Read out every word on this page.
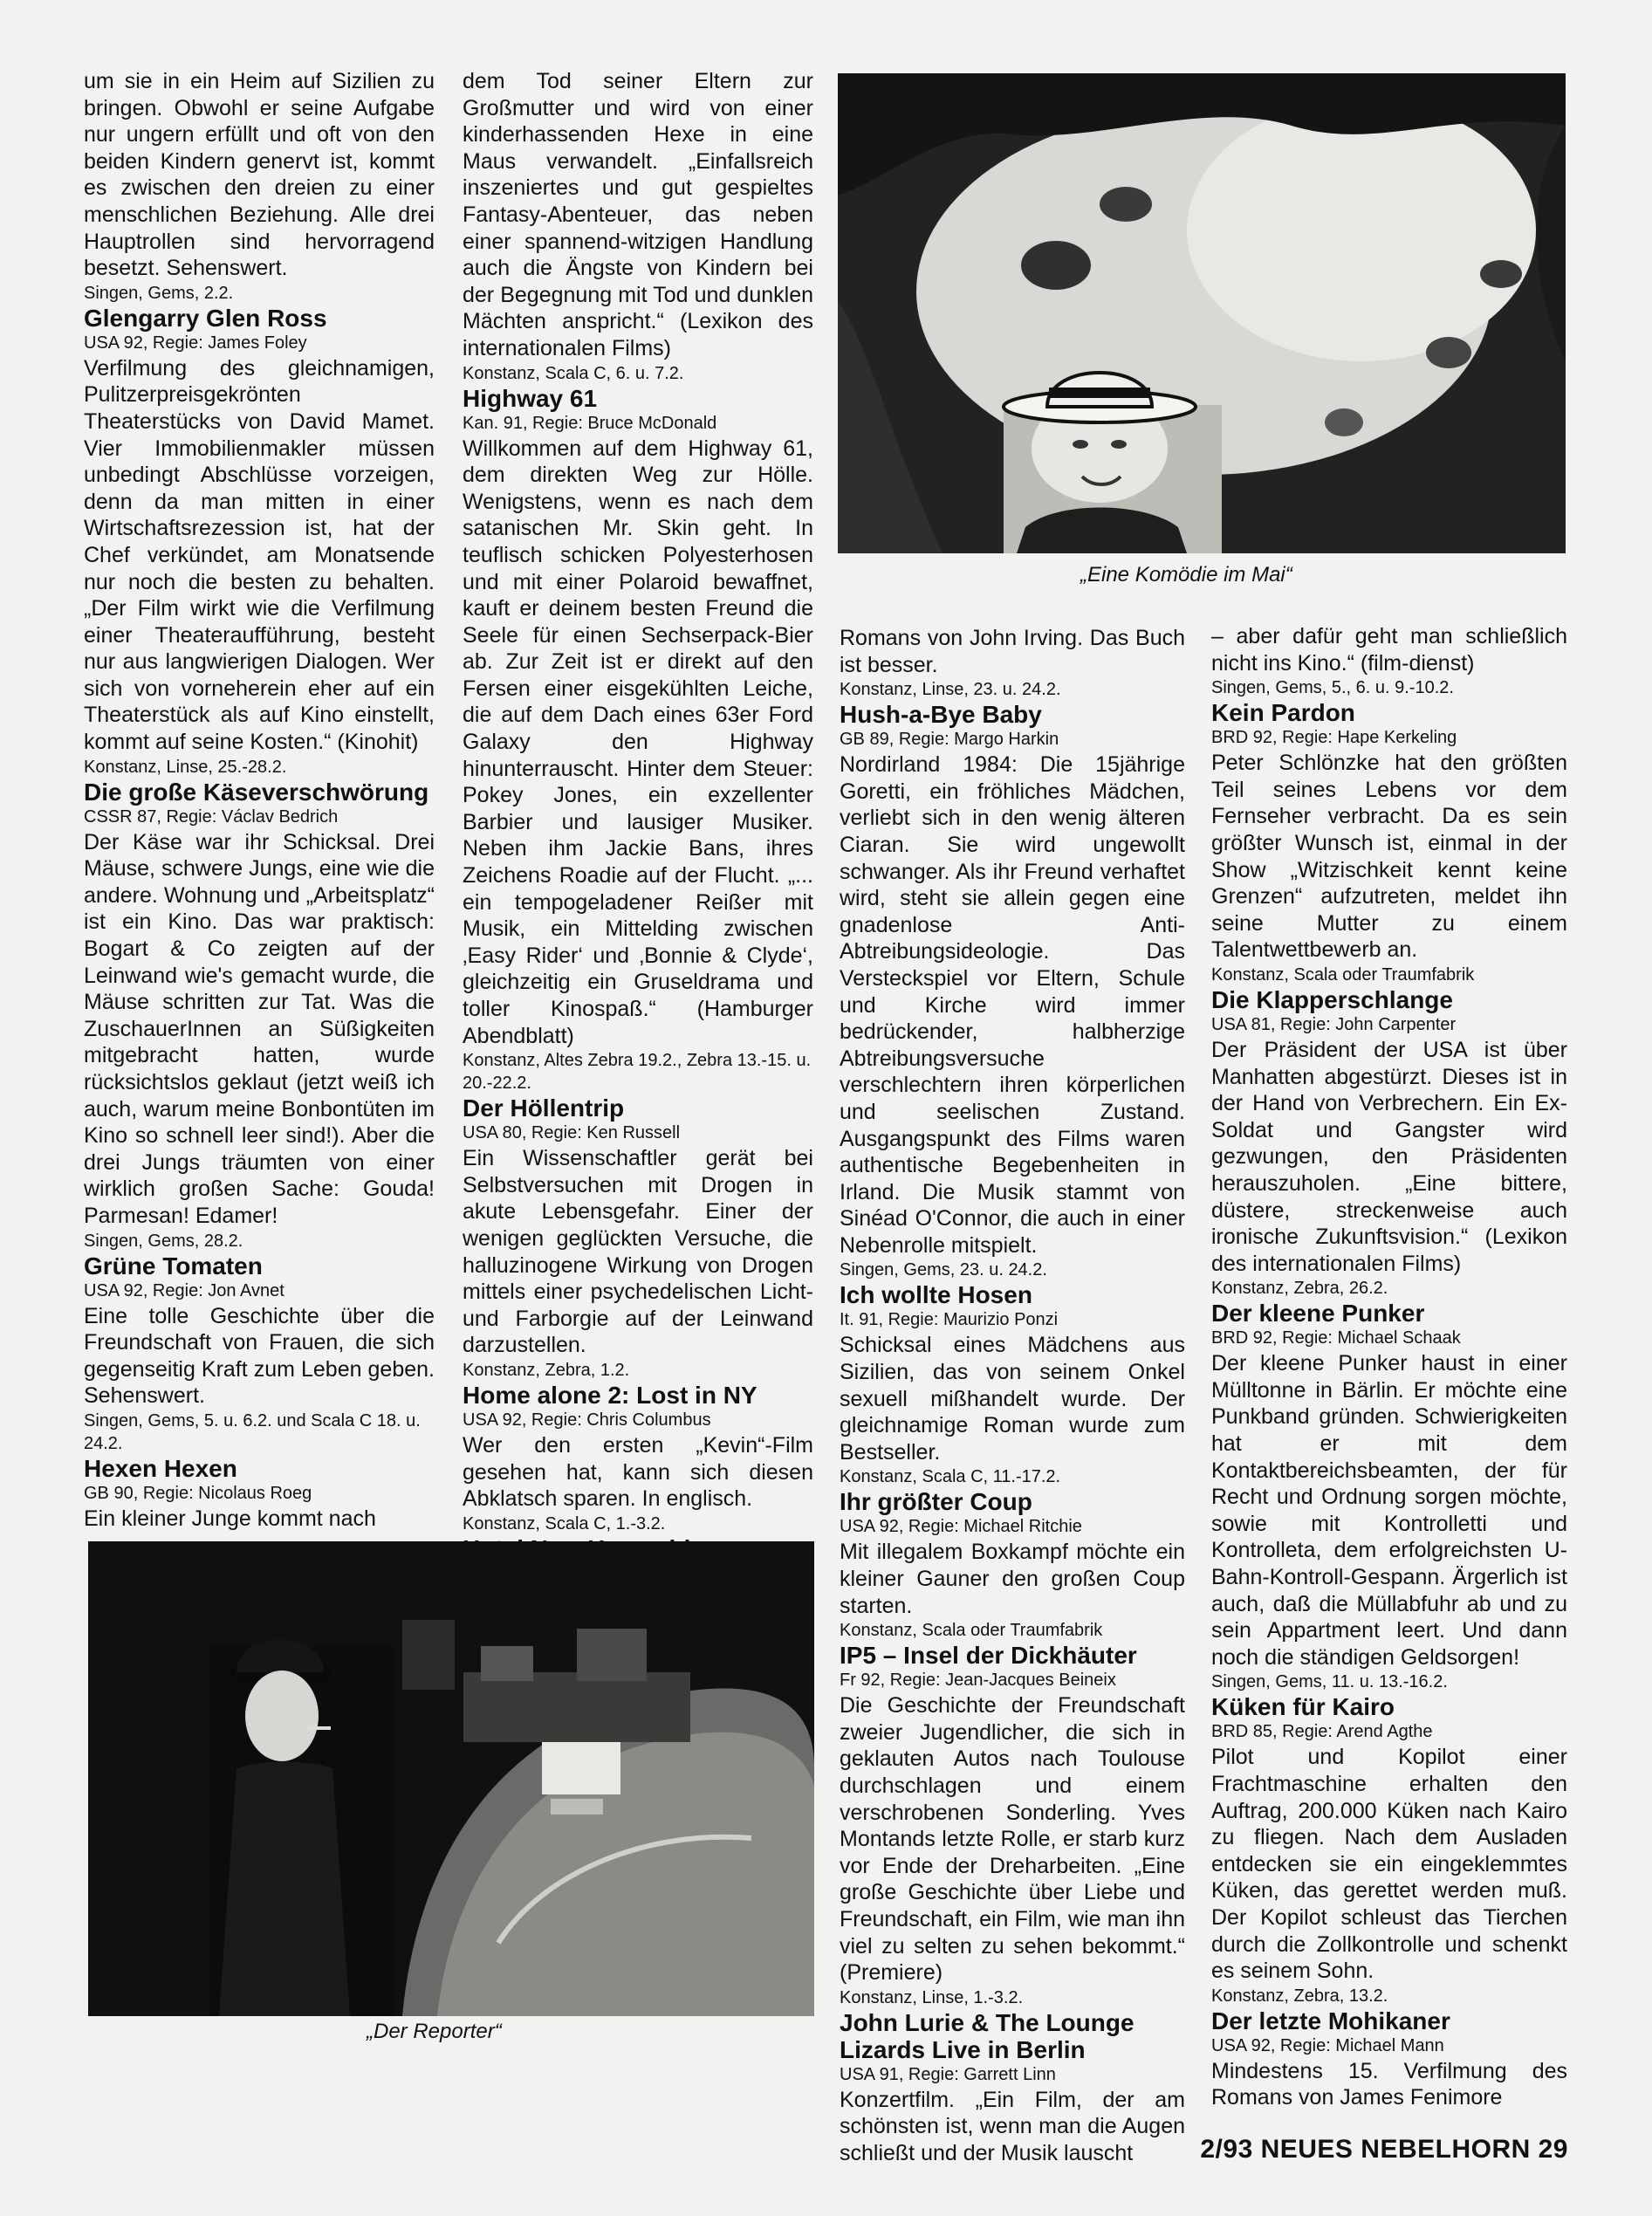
um sie in ein Heim auf Sizilien zu bringen. Obwohl er seine Aufgabe nur ungern erfüllt und oft von den beiden Kindern genervt ist, kommt es zwischen den dreien zu einer menschlichen Beziehung. Alle drei Hauptrollen sind hervorragend besetzt. Sehenswert.

Singen, Gems, 2.2.

Glengarry Glen Ross

USA 92, Regie: James Foley

Verfilmung des gleichnamigen, Pulitzerpreisgekrönten Theaterstücks von David Mamet. Vier Immobilienmakler müssen unbedingt Abschlüsse vorzeigen, denn da man mitten in einer Wirtschaftsrezession ist, hat der Chef verkündet, am Monatsende nur noch die besten zu behalten. „Der Film wirkt wie die Verfilmung einer Theateraufführung, besteht nur aus langwierigen Dialogen. Wer sich von vorneherein eher auf ein Theaterstück als auf Kino einstellt, kommt auf seine Kosten.“ (Kinohit)

Konstanz, Linse, 25.-28.2.

Die große Käseverschwörung

CSSR 87, Regie: Václav Bedrich

Der Käse war ihr Schicksal. Drei Mäuse, schwere Jungs, eine wie die andere. Wohnung und „Arbeitsplatz“ ist ein Kino. Das war praktisch: Bogart & Co zeigten auf der Leinwand wie's gemacht wurde, die Mäuse schritten zur Tat. Was die ZuschauerInnen an Süßigkeiten mitgebracht hatten, wurde rücksichtslos geklaut (jetzt weiß ich auch, warum meine Bonbontüten im Kino so schnell leer sind!). Aber die drei Jungs träumten von einer wirklich großen Sache: Gouda! Parmesan! Edamer!

Singen, Gems, 28.2.

Grüne Tomaten

USA 92, Regie: Jon Avnet

Eine tolle Geschichte über die Freundschaft von Frauen, die sich gegenseitig Kraft zum Leben geben. Sehenswert.

Singen, Gems, 5. u. 6.2. und Scala C 18. u. 24.2.

Hexen Hexen

GB 90, Regie: Nicolaus Roeg

Ein kleiner Junge kommt nach

dem Tod seiner Eltern zur Großmutter und wird von einer kinderhassenden Hexe in eine Maus verwandelt. „Einfallsreich inszeniertes und gut gespieltes Fantasy-Abenteuer, das neben einer spannend-witzigen Handlung auch die Ängste von Kindern bei der Begegnung mit Tod und dunklen Mächten anspricht.“ (Lexikon des internationalen Films)

Konstanz, Scala C, 6. u. 7.2.

Highway 61

Kan. 91, Regie: Bruce McDonald

Willkommen auf dem Highway 61, dem direkten Weg zur Hölle. Wenigstens, wenn es nach dem satanischen Mr. Skin geht. In teuflisch schicken Polyesterhosen und mit einer Polaroid bewaffnet, kauft er deinem besten Freund die Seele für einen Sechserpack-Bier ab. Zur Zeit ist er direkt auf den Fersen einer eisgekühlten Leiche, die auf dem Dach eines 63er Ford Galaxy den Highway hinunterrauscht. Hinter dem Steuer: Pokey Jones, ein exzellenter Barbier und lausiger Musiker. Neben ihm Jackie Bans, ihres Zeichens Roadie auf der Flucht. „... ein tempogeladener Reißer mit Musik, ein Mittelding zwischen ‚Easy Rider‘ und ‚Bonnie & Clyde‘, gleichzeitig ein Gruseldrama und toller Kinospaß.“ (Hamburger Abendblatt)

Konstanz, Altes Zebra 19.2., Zebra 13.-15. u. 20.-22.2.

Der Höllentrip

USA 80, Regie: Ken Russell

Ein Wissenschaftler gerät bei Selbstversuchen mit Drogen in akute Lebensgefahr. Einer der wenigen geglückten Versuche, die halluzinogene Wirkung von Drogen mittels einer psychedelischen Licht- und Farborgie auf der Leinwand darzustellen.

Konstanz, Zebra, 1.2.

Home alone 2: Lost in NY

USA 92, Regie: Chris Columbus

Wer den ersten „Kevin“-Film gesehen hat, kann sich diesen Abklatsch sparen. In englisch.

Konstanz, Scala C, 1.-3.2.

Romans von John Irving. Das Buch ist besser.

Konstanz, Linse, 23. u. 24.2.

Hush-a-Bye Baby

GB 89, Regie: Margo Harkin

Nordirland 1984: Die 15jährige Goretti, ein fröhliches Mädchen, verliebt sich in den wenig älteren Ciaran. Sie wird ungewollt schwanger. Als ihr Freund verhaftet wird, steht sie allein gegen eine gnadenlose Anti-Abtreibungsideologie. Das Versteckspiel vor Eltern, Schule und Kirche wird immer bedrückender, halbherzige Abtreibungsversuche verschlechtern ihren körperlichen und seelischen Zustand. Ausgangspunkt des Films waren authentische Begebenheiten in Irland. Die Musik stammt von Sinéad O'Connor, die auch in einer Nebenrolle mitspielt.

Singen, Gems, 23. u. 24.2.

Ich wollte Hosen

It. 91, Regie: Maurizio Ponzi

Schicksal eines Mädchens aus Sizilien, das von seinem Onkel sexuell mißhandelt wurde. Der gleichnamige Roman wurde zum Bestseller.

Konstanz, Scala C, 11.-17.2.

Ihr größter Coup

USA 92, Regie: Michael Ritchie

Mit illegalem Boxkampf möchte ein kleiner Gauner den großen Coup starten.

Konstanz, Scala oder Traumfabrik

IP5 – Insel der Dickhäuter

Fr 92, Regie: Jean-Jacques Beineix

Die Geschichte der Freundschaft zweier Jugendlicher, die sich in geklauten Autos nach Toulouse durchschlagen und einem verschrobenen Sonderling. Yves Montands letzte Rolle, er starb kurz vor Ende der Dreharbeiten. „Eine große Geschichte über Liebe und Freundschaft, ein Film, wie man ihn viel zu selten zu sehen bekommt.“ (Premiere)

Konstanz, Linse, 1.-3.2.

John Lurie & The Lounge Lizards Live in Berlin

USA 91, Regie: Garrett Linn

Konzertfilm. „Ein Film, der am schönsten ist, wenn man die Augen schließt und der Musik lauscht

– aber dafür geht man schließlich nicht ins Kino.“ (film-dienst)

Singen, Gems, 5., 6. u. 9.-10.2.

Kein Pardon

BRD 92, Regie: Hape Kerkeling

Peter Schlönzke hat den größten Teil seines Lebens vor dem Fernseher verbracht. Da es sein größter Wunsch ist, einmal in der Show „Witzischkeit kennt keine Grenzen“ aufzutreten, meldet ihn seine Mutter zu einem Talentwettbewerb an.

Konstanz, Scala oder Traumfabrik

Die Klapperschlange

USA 81, Regie: John Carpenter

Der Präsident der USA ist über Manhatten abgestürzt. Dieses ist in der Hand von Verbrechern. Ein Ex-Soldat und Gangster wird gezwungen, den Präsidenten herauszuholen. „Eine bittere, düstere, streckenweise auch ironische Zukunftsvision.“ (Lexikon des internationalen Films)

Konstanz, Zebra, 26.2.

Der kleene Punker

BRD 92, Regie: Michael Schaak

Der kleene Punker haust in einer Mülltonne in Bärlin. Er möchte eine Punkband gründen. Schwierigkeiten hat er mit dem Kontaktbereichsbeamten, der für Recht und Ordnung sorgen möchte, sowie mit Kontrolletti und Kontrolleta, dem erfolgreichsten U-Bahn-Kontroll-Gespann. Ärgerlich ist auch, daß die Müllabfuhr ab und zu sein Appartment leert. Und dann noch die ständigen Geldsorgen!

Singen, Gems, 11. u. 13.-16.2.

Küken für Kairo

BRD 85, Regie: Arend Agthe

Pilot und Kopilot einer Frachtmaschine erhalten den Auftrag, 200.000 Küken nach Kairo zu fliegen. Nach dem Ausladen entdecken sie ein eingeklemmtes Küken, das gerettet werden muß. Der Kopilot schleust das Tierchen durch die Zollkontrolle und schenkt es seinem Sohn.

Konstanz, Zebra, 13.2.

Der letzte Mohikaner

USA 92, Regie: Michael Mann

Mindestens 15. Verfilmung des Romans von James Fenimore

„Eine Komödie im Mai“
„Der Reporter“
2/93 NEUES NEBELHORN 29
